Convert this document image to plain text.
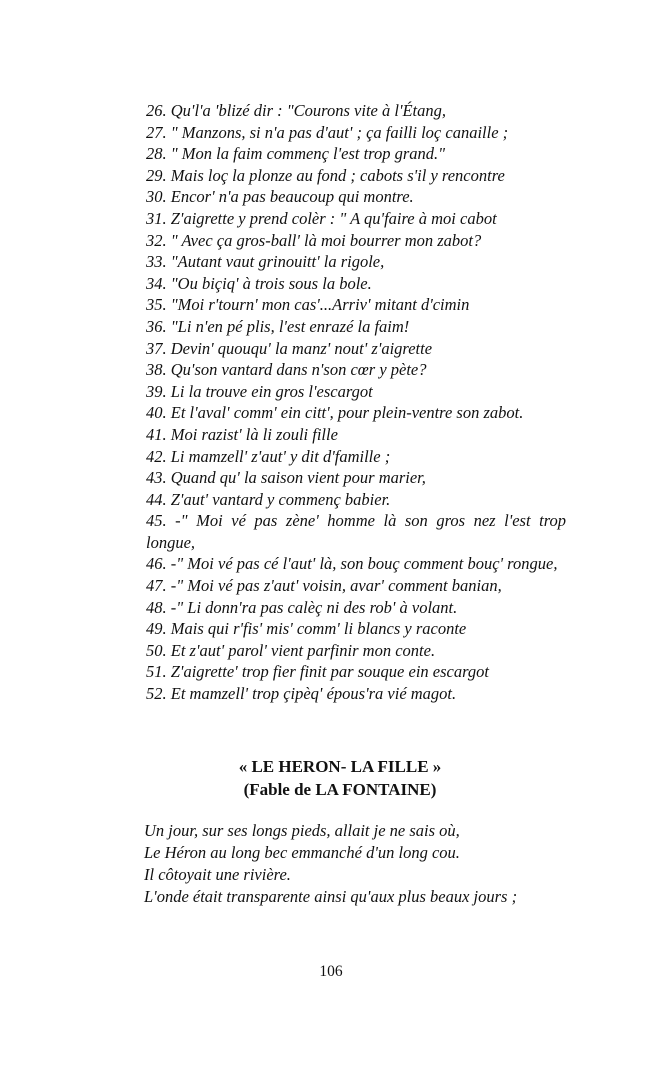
26. Qu'l'a 'blizé dir : "Courons vite à l'Étang,
27. " Manzons, si n'a pas d'aut' ; ça failli loç canaille ;
28. " Mon la faim commenç l'est trop grand."
29. Mais loç la plonze au fond ; cabots s'il y rencontre
30. Encor' n'a pas beaucoup qui montre.
31. Z'aigrette y prend colèr : " A qu'faire à moi cabot
32. " Avec ça gros-ball' là moi bourrer mon zabot?
33. "Autant vaut grinouitt' la rigole,
34. "Ou biçiq' à trois sous la bole.
35. "Moi r'tourn' mon cas'...Arriv' mitant d'cimin
36. "Li n'en pé plis, l'est enrazé la faim!
37. Devin' quouqu' la manz' nout' z'aigrette
38. Qu'son vantard dans n'son cœr y pète?
39. Li la trouve ein gros l'escargot
40. Et l'aval' comm' ein citt', pour plein-ventre son zabot.
41. Moi razist' là li zouli fille
42. Li mamzell' z'aut' y dit d'famille ;
43. Quand qu' la saison vient pour marier,
44. Z'aut' vantard y commenç babier.
45. -" Moi vé pas zène' homme là son gros nez l'est trop longue,
46. -" Moi vé pas cé l'aut' là, son bouç comment bouç' rongue,
47. -" Moi vé pas z'aut' voisin, avar' comment banian,
48. -" Li donn'ra pas calèç ni des rob' à volant.
49. Mais qui r'fis' mis' comm' li blancs y raconte
50. Et z'aut' parol' vient parfinir mon conte.
51. Z'aigrette' trop fier finit par souque ein escargot
52. Et mamzell' trop çipèq' épous'ra vié magot.
« LE HERON- LA FILLE »
(Fable de LA FONTAINE)
Un jour, sur ses longs pieds, allait je ne sais où,
Le Héron au long bec emmanché d'un long cou.
Il côtoyait une rivière.
L'onde était transparente ainsi qu'aux plus beaux jours ;
106
